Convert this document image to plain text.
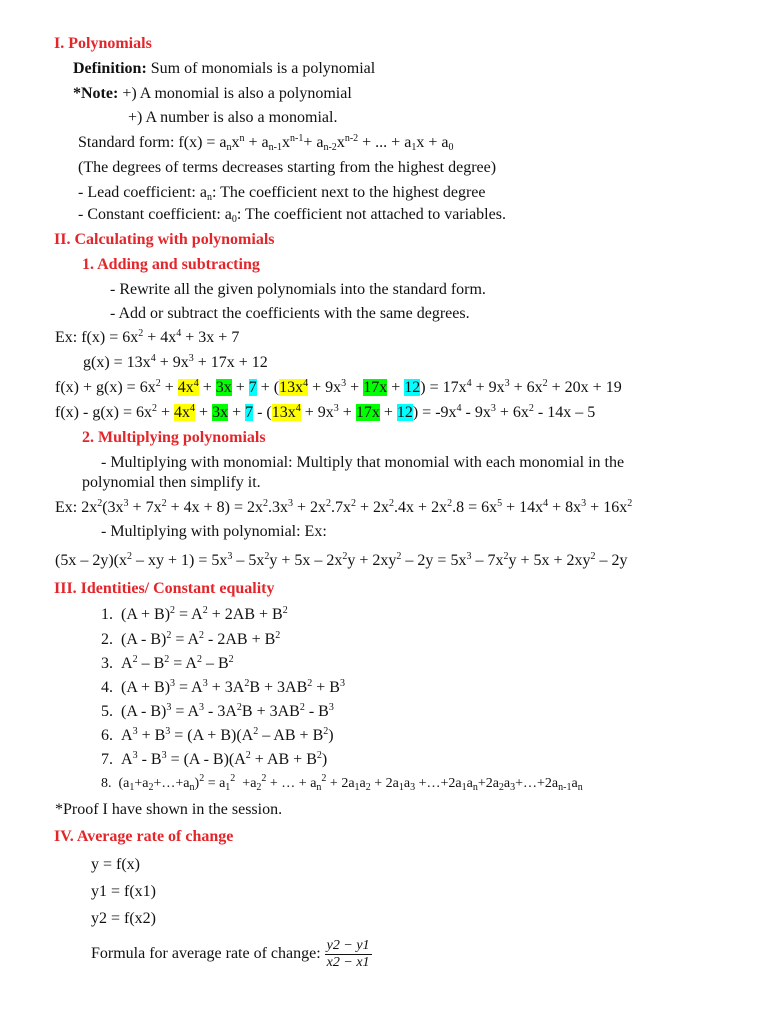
I. Polynomials
Definition: Sum of monomials is a polynomial
*Note: +) A monomial is also a polynomial
+) A number is also a monomial.
Standard form: $f(x) = a_nx^n + a_{n-1}x^{n-1}+ a_{n-2}x^{n-2}$ + ... + $a_1x + a_0$
(The degrees of terms decreases starting from the highest degree)
- Lead coefficient: $a_n$: The coefficient next to the highest degree
- Constant coefficient: $a_0$: The coefficient not attached to variables.
II. Calculating with polynomials
1. Adding and subtracting
- Rewrite all the given polynomials into the standard form.
- Add or subtract the coefficients with the same degrees.
Ex: $f(x) = 6x^2 + 4x^4 + 3x + 7$
$g(x) = 13x^4 + 9x^3 + 17x + 12$
$f(x) + g(x) = 6x^2 + 4x^4 + 3x + 7 + (13x^4 + 9x^3 + 17x + 12) = 17x^4 + 9x^3 + 6x^2 + 20x + 19$
$f(x) - g(x) = 6x^2 + 4x^4 + 3x + 7 - (13x^4 + 9x^3 + 17x + 12) = -9x^4 - 9x^3 + 6x^2 - 14x - 5$
2. Multiplying polynomials
- Multiplying with monomial: Multiply that monomial with each monomial in the
polynomial then simplify it.
Ex: $2x^2(3x^3 + 7x^2 + 4x + 8) = 2x^2.3x^3 + 2x^2.7x^2 + 2x^2.4x + 2x^2.8 = 6x^5 + 14x^4 + 8x^3 + 16x^2$
- Multiplying with polynomial: Ex:
$(5x - 2y)(x^2$ – xy + $1) = 5x^3 - 5x^2y + 5x - 2x^2y + 2xy^2 - 2y = 5x^3 - 7x^2y + 5x + 2xy^2 - 2y$
III. Identities/ Constant equality
1.  $(A + B)^2 = A^2 + 2AB + B^2$
2.  $(A - B)^2 = A^2 - 2AB + B^2$
3.  $A^2 - B^2 = A^2 - B^2$
4.  $(A + B)^3 = A^3 + 3A^2B + 3AB^2 + B^3$
5.  $(A - B)^3 = A^3 - 3A^2B + 3AB^2 - B^3$
6.  $A^3 + B^3 = (A + B)(A^2$ – AB + $B^2$)
7.  $A^3 - B^3 = (A - B)(A^2$ + AB + $B^2$)
8.  $(a_1+a_2+\dots+a_n)^2 = a_1^2 +a_2^2$ + … + $a_n^2 + 2a_1a_2 + 2a_1a_3$ $+\dots+2a_1a_n+2a_2a_3+\dots+2a_{n-1}a_n$
*Proof I have shown in the session.
IV. Average rate of change
y = f(x)
y1 = f(x1)
y2 = f(x2)
Formula for average rate of change: $\frac{y2 - y1}{x2 - x1}$
